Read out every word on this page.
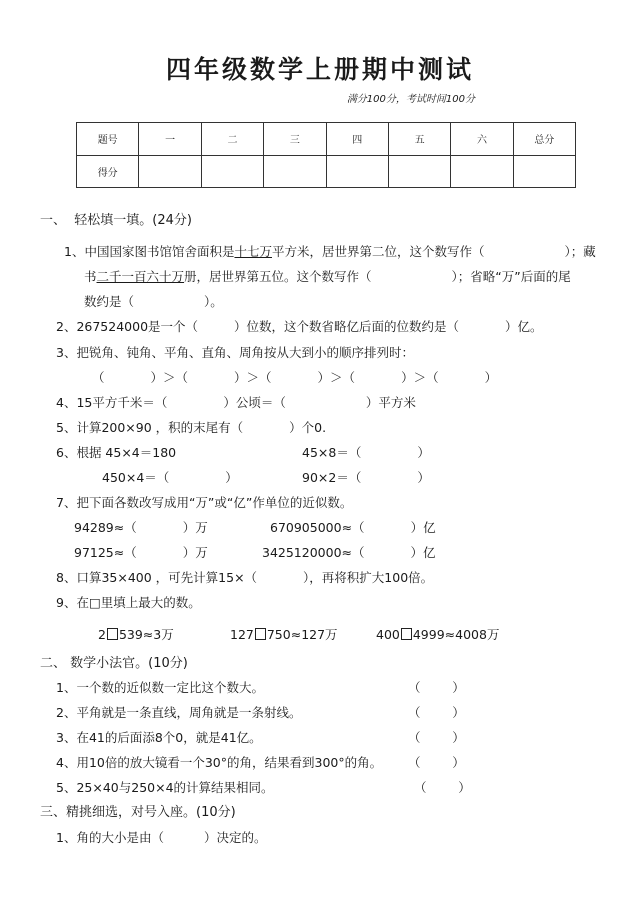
四年级数学上册期中测试
满分100分，考试时间100分
题号	一	二	三	四	五	六	总分
得分							
一、  轻松填一填。(24分)
1、中国国家图书馆馆舍面积是十七万平方米，居世界第二位，这个数写作（	）；藏
书二千一百六十万册，居世界第五位。这个数写作（	）；省略“万”后面的尾
数约是（	）。
2、267524000是一个（	）位数，这个数省略亿后面的位数约是（	）亿。
3、把锐角、钝角、平角、直角、周角按从大到小的顺序排列时：
（	）＞（	）＞（	）＞（	）＞（	）
4、15平方千米＝（	）公顷＝（	）平方米
5、计算200×90 ，积的末尾有（	）个0.
6、根据 45×4＝180	45×8＝（	）
450×4＝（	）	90×2＝（	）
7、把下面各数改写成用“万”或“亿”作单位的近似数。
94289≈（	）万	670905000≈（	）亿
97125≈（	）万	3425120000≈（	）亿
8、口算35×400 ，可先计算15×（	），再将积扩大100倍。
9、在□里填上最大的数。
2 539≈3万	127 750≈127万	400 4999≈4008万
二、 数学小法官。(10分)
1、一个数的近似数一定比这个数大。	（        ）
2、平角就是一条直线，周角就是一条射线。	（        ）
3、在41的后面添8个0，就是41亿。	（        ）
4、用10倍的放大镜看一个30°的角，结果看到300°的角。 （        ）
5、25×40与250×4的计算结果相同。	（        ）
三、精挑细选，对号入座。(10分)
1、角的大小是由（	）决定的。
